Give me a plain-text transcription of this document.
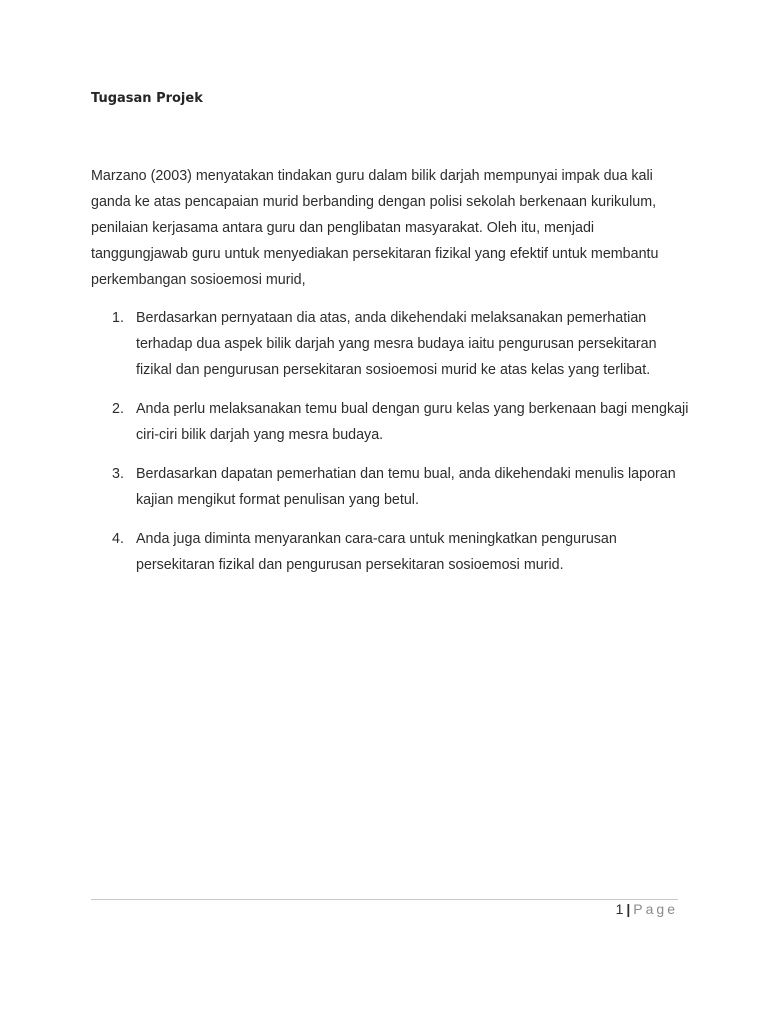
Tugasan Projek

Marzano (2003) menyatakan tindakan guru dalam bilik darjah mempunyai impak dua kali ganda ke atas pencapaian murid berbanding dengan polisi sekolah berkenaan kurikulum, penilaian kerjasama antara guru dan penglibatan masyarakat. Oleh itu, menjadi tanggungjawab guru untuk menyediakan persekitaran fizikal yang efektif untuk membantu perkembangan sosioemosi murid,

1. Berdasarkan pernyataan dia atas, anda dikehendaki melaksanakan pemerhatian terhadap dua aspek bilik darjah yang mesra budaya iaitu pengurusan persekitaran fizikal dan pengurusan persekitaran sosioemosi murid ke atas kelas yang terlibat.
2. Anda perlu melaksanakan temu bual dengan guru kelas yang berkenaan bagi mengkaji ciri-ciri bilik darjah yang mesra budaya.
3. Berdasarkan dapatan pemerhatian dan temu bual, anda dikehendaki menulis laporan kajian mengikut format penulisan yang betul.
4. Anda juga diminta menyarankan cara-cara untuk meningkatkan pengurusan persekitaran fizikal dan pengurusan persekitaran sosioemosi murid.
1 | Page
